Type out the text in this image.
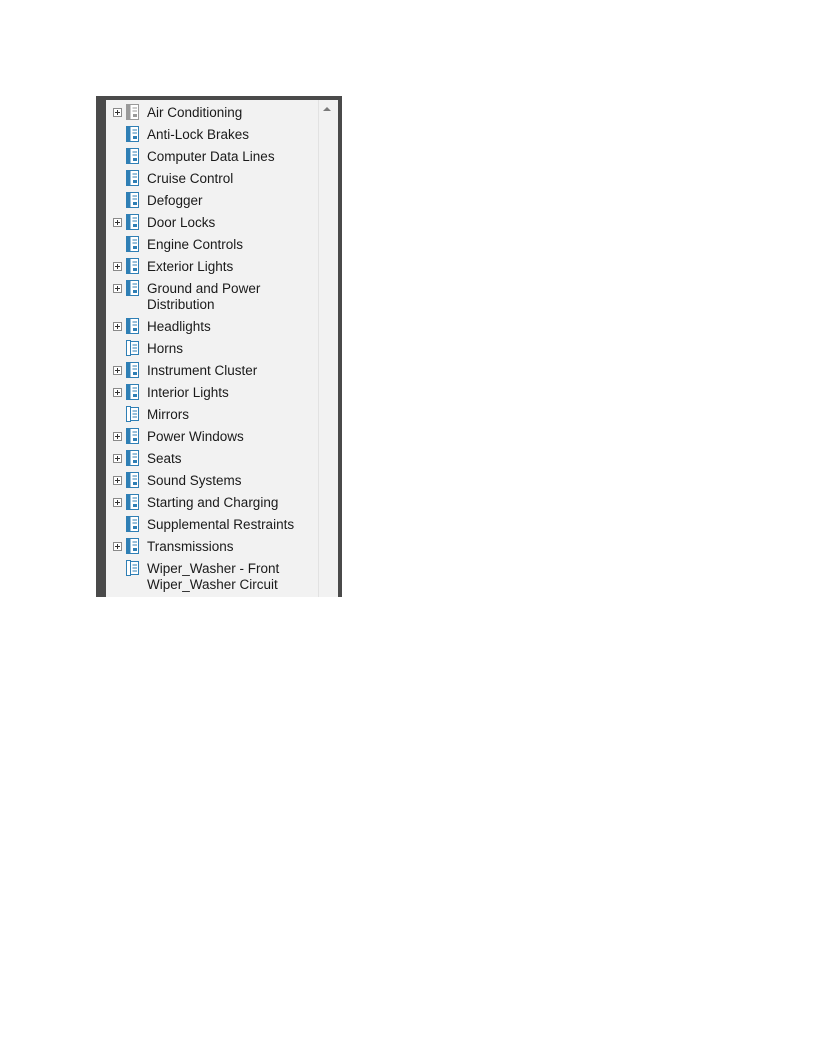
Air Conditioning
Anti-Lock Brakes
Computer Data Lines
Cruise Control
Defogger
Door Locks
Engine Controls
Exterior Lights
Ground and Power
Distribution
Headlights
Horns
Instrument Cluster
Interior Lights
Mirrors
Power Windows
Seats
Sound Systems
Starting and Charging
Supplemental Restraints
Transmissions
Wiper_Washer - Front
Wiper_Washer Circuit
